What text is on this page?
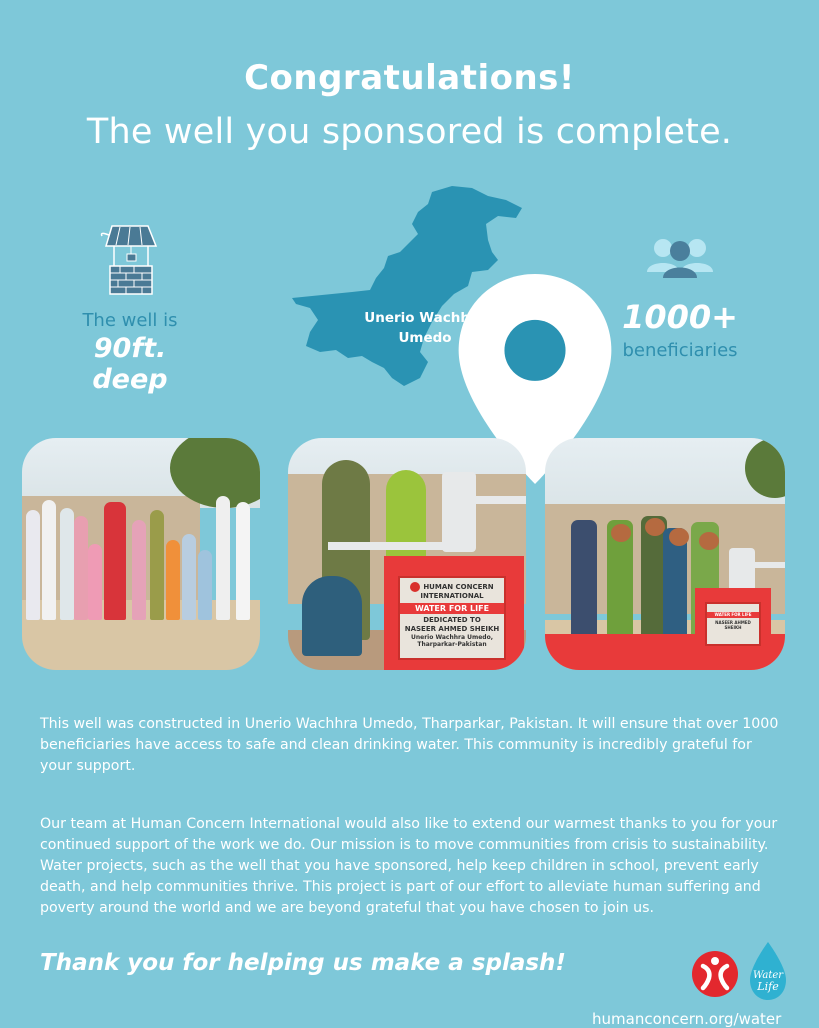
Congratulations!
The well you sponsored is complete.
The well is
90ft. deep
Unerio Wachhra
Umedo
1000+
beneficiaries
HUMAN CONCERN
INTERNATIONAL
WATER FOR LIFE
DEDICATED TO
NASEER AHMED SHEIKH
Unerio Wachhra Umedo,
Tharparkar-Pakistan
WATER FOR LIFE
NASEER AHMED SHEIKH

This well was constructed in Unerio Wachhra Umedo, Tharparkar, Pakistan. It will ensure that over 1000 beneficiaries have access to safe and clean drinking water. This community is incredibly grateful for your support.

Our team at Human Concern International would also like to extend our warmest thanks to you for your continued support of the work we do. Our mission is to move communities from crisis to sustainability. Water projects, such as the well that you have sponsored, help keep children in school, prevent early death, and help communities thrive. This project is part of our effort to alleviate human suffering and poverty around the world and we are beyond grateful that you have chosen to join us.

Thank you for helping us make a splash!	Water
Life
humanconcern.org/water
